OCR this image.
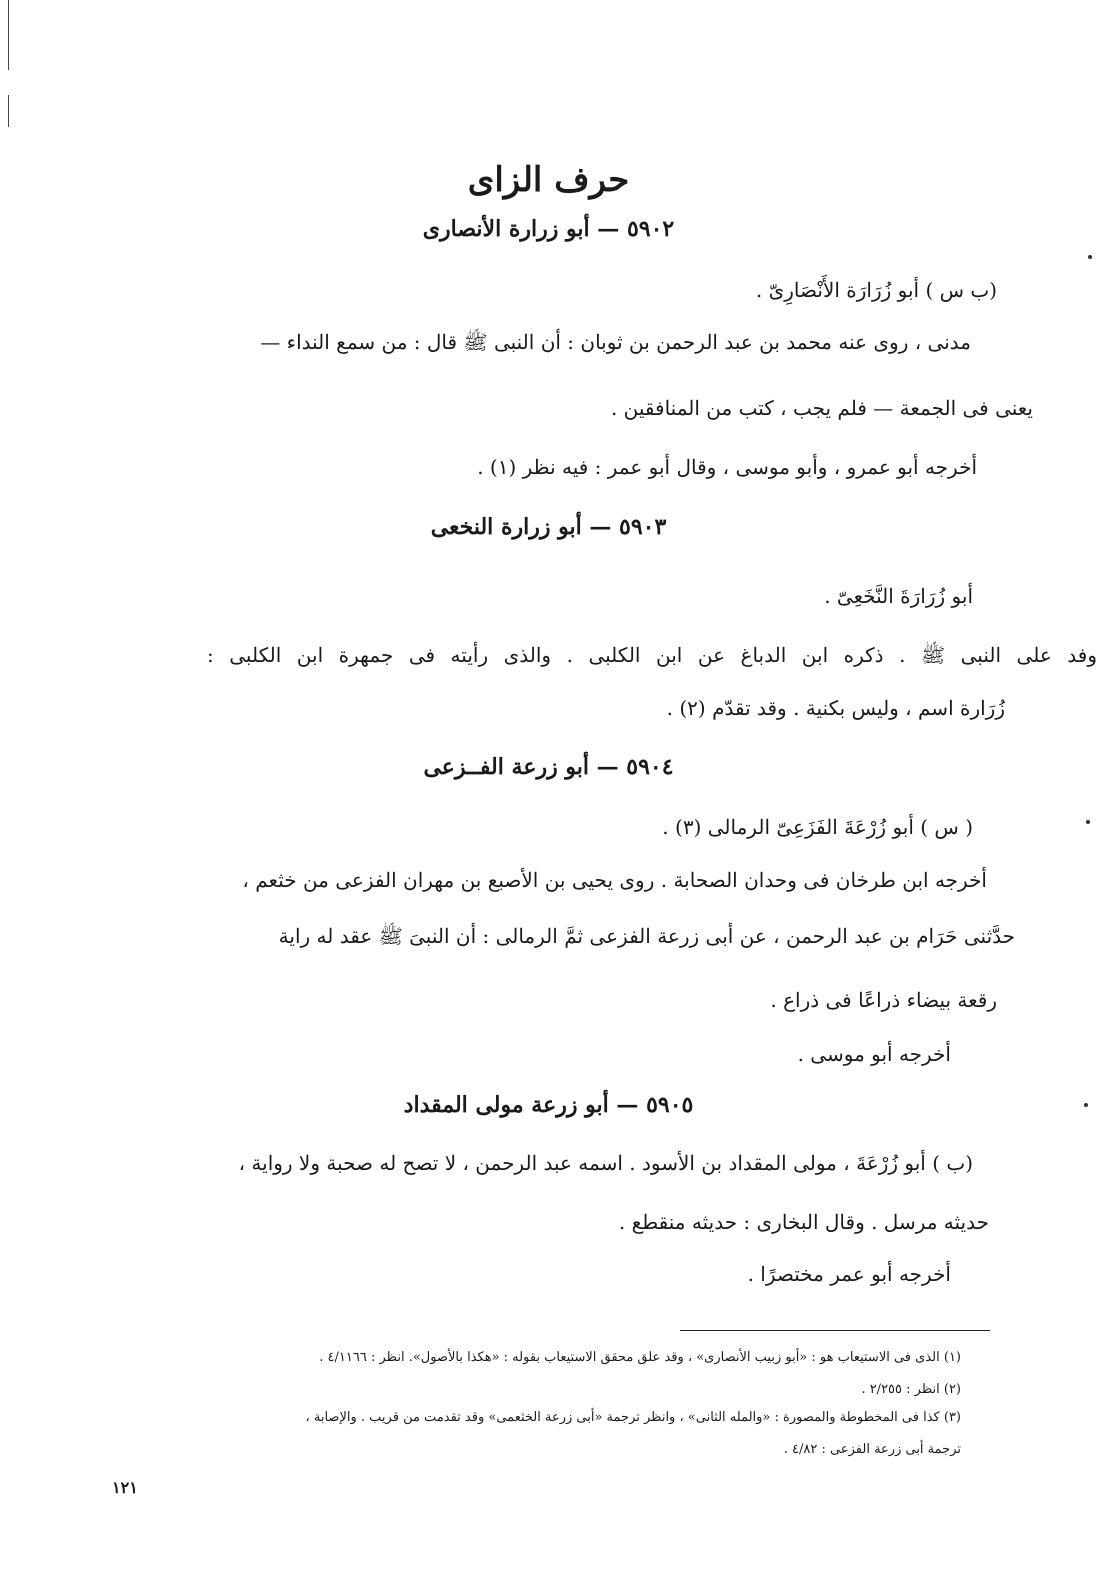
حرف الزاى
٥٩٠٢ — أبو زرارة الأنصارى
(ب س ) أبو زُرَارَة الأَنْصَارِىّ .
مدنى ، روى عنه محمد بن عبد الرحمن بن ثوبان : أن النبى ﷺ قال : من سمع النداء —
يعنى فى الجمعة — فلم يجب ، كتب من المنافقين .
أخرجه أبو عمرو ، وأبو موسى ، وقال أبو عمر : فيه نظر (١) .
٥٩٠٣ — أبو زرارة النخعى
أبو زُرَارَةَ النَّخَعِىّ .
وفد على النبى ﷺ . ذكره ابن الدباغ عن ابن الكلبى . والذى رأيته فى جمهرة ابن الكلبى :
زُرَارة اسم ، وليس بكنية . وقد تقدّم (٢) .
٥٩٠٤ — أبو زرعة الفــزعى
( س ) أبو زُرْعَةَ الفَزَعِىّ الرمالى (٣) .
أخرجه ابن طرخان فى وحدان الصحابة . روى يحيى بن الأصبع بن مهران الفزعى من خثعم ،
حدَّثنى حَرَام بن عبد الرحمن ، عن أبى زرعة الفزعى ثمَّ الرمالى : أن النبىَ ﷺ عقد له راية
رقعة بيضاء ذراعًا فى ذراع .
أخرجه أبو موسى .
٥٩٠٥ — أبو زرعة مولى المقداد
(ب ) أبو زُرْعَةَ ، مولى المقداد بن الأسود . اسمه عبد الرحمن ، لا تصح له صحبة ولا رواية ،
حديثه مرسل . وقال البخارى : حديثه منقطع .
أخرجه أبو عمر مختصرًا .
(١) الذى فى الاستيعاب هو : «أبو زبيب الأنصارى» ، وقد علق محقق الاستيعاب بقوله : «هكذا بالأصول». انظر : ٤/١١٦٦ .
(٢) انظر : ٢/٢٥٥ .
(٣) كذا فى المخطوطة والمصورة : «والمله الثانى» ، وانظر ترجمة «أبى زرعة الخثعمى» وقد تقدمت من قريب . والإصابة ،
ترجمة أبى زرعة الفزعى : ٤/٨٢ .
١٢١
